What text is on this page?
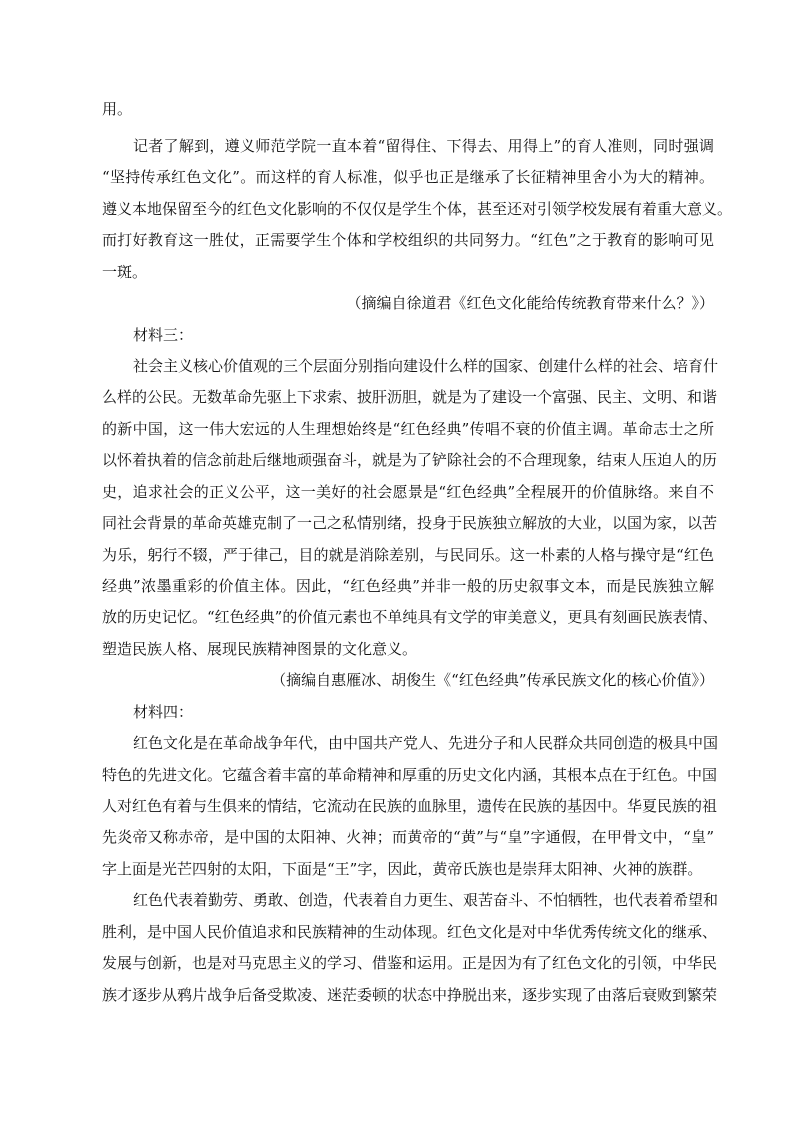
用。
记者了解到，遵义师范学院一直本着“留得住、下得去、用得上”的育人准则，同时强调
“坚持传承红色文化”。而这样的育人标准，似乎也正是继承了长征精神里舍小为大的精神。
遵义本地保留至今的红色文化影响的不仅仅是学生个体，甚至还对引领学校发展有着重大意义。
而打好教育这一胜仗，正需要学生个体和学校组织的共同努力。“红色”之于教育的影响可见
一斑。
（摘编自徐道君《红色文化能给传统教育带来什么？》）
材料三：
社会主义核心价值观的三个层面分别指向建设什么样的国家、创建什么样的社会、培育什
么样的公民。无数革命先驱上下求索、披肝沥胆，就是为了建设一个富强、民主、文明、和谐
的新中国，这一伟大宏远的人生理想始终是“红色经典”传唱不衰的价值主调。革命志士之所
以怀着执着的信念前赴后继地顽强奋斗，就是为了铲除社会的不合理现象，结束人压迫人的历
史，追求社会的正义公平，这一美好的社会愿景是“红色经典”全程展开的价值脉络。来自不
同社会背景的革命英雄克制了一己之私情别绪，投身于民族独立解放的大业，以国为家，以苦
为乐，躬行不辍，严于律己，目的就是消除差别，与民同乐。这一朴素的人格与操守是“红色
经典”浓墨重彩的价值主体。因此，“红色经典”并非一般的历史叙事文本，而是民族独立解
放的历史记忆。“红色经典”的价值元素也不单纯具有文学的审美意义，更具有刻画民族表情、
塑造民族人格、展现民族精神图景的文化意义。
（摘编自惠雁冰、胡俊生《“红色经典”传承民族文化的核心价值》）
材料四：
红色文化是在革命战争年代，由中国共产党人、先进分子和人民群众共同创造的极具中国
特色的先进文化。它蕴含着丰富的革命精神和厚重的历史文化内涵，其根本点在于红色。中国
人对红色有着与生俱来的情结，它流动在民族的血脉里，遗传在民族的基因中。华夏民族的祖
先炎帝又称赤帝，是中国的太阳神、火神；而黄帝的“黄”与“皇”字通假，在甲骨文中，“皇”
字上面是光芒四射的太阳，下面是“王”字，因此，黄帝氏族也是崇拜太阳神、火神的族群。
红色代表着勤劳、勇敢、创造，代表着自力更生、艰苦奋斗、不怕牺牲，也代表着希望和
胜利，是中国人民价值追求和民族精神的生动体现。红色文化是对中华优秀传统文化的继承、
发展与创新，也是对马克思主义的学习、借鉴和运用。正是因为有了红色文化的引领，中华民
族才逐步从鸦片战争后备受欺凌、迷茫委顿的状态中挣脱出来，逐步实现了由落后衰败到繁荣
